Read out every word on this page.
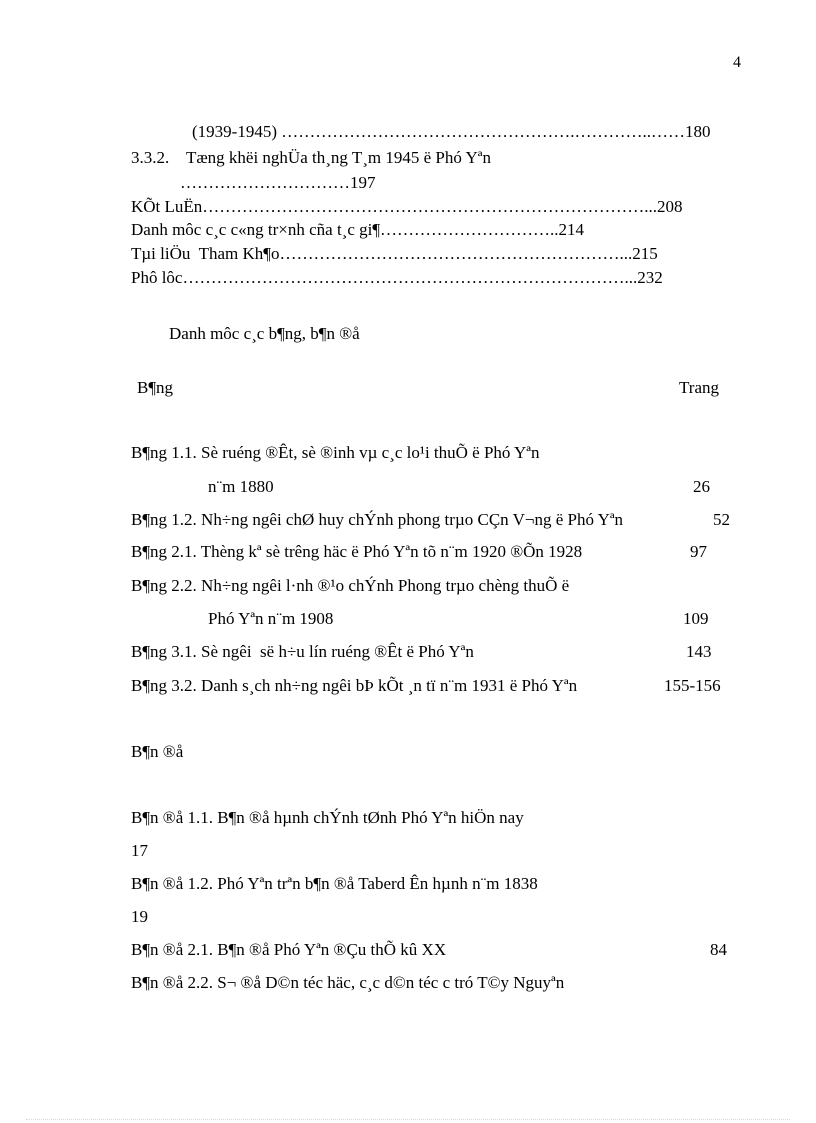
4
(1939-1945) …………………………………………….…………..……180
3.3.2.    Tæng khëi nghÜa th¸ng T¸m 1945 ë Phó Yªn
…………………………197
KÕt LuËn……………………………………………………………………...208
Danh môc c¸c c«ng tr×nh cña t¸c gi¶…………………………..214
Tµi liÖu  Tham Kh¶o……………………………………………………...215
Phô lôc……………………………………………………………………...232
Danh môc c¸c b¶ng, b¶n ®å
B¶ng	Trang
B¶ng 1.1. Sè ruéng ®Êt, sè ®inh vµ c¸c lo¹i thuÕ ë Phó Yªn
n¨m 1880	26
B¶ng 1.2. Nh÷ng ngêi chØ huy chÝnh phong trµo CÇn V¬ng ë Phó Yªn	52
B¶ng 2.1. Thèng kª sè trêng häc ë Phó Yªn tõ n¨m 1920 ®Õn 1928	97
B¶ng 2.2. Nh÷ng ngêi l·nh ®¹o chÝnh Phong trµo chèng thuÕ ë
Phó Yªn n¨m 1908	109
B¶ng 3.1. Sè ngêi  së h÷u lín ruéng ®Êt ë Phó Yªn	143
B¶ng 3.2. Danh s¸ch nh÷ng ngêi bÞ kÕt ¸n tï n¨m 1931 ë Phó Yªn	155-156
B¶n ®å
B¶n ®å 1.1. B¶n ®å hµnh chÝnh tØnh Phó Yªn hiÖn nay
17
B¶n ®å 1.2. Phó Yªn trªn b¶n ®å Taberd Ên hµnh n¨m 1838
19
B¶n ®å 2.1. B¶n ®å Phó Yªn ®Çu thÕ kû XX	84
B¶n ®å 2.2. S¬ ®å D©n téc häc, c¸c d©n téc c tró T©y Nguyªn
